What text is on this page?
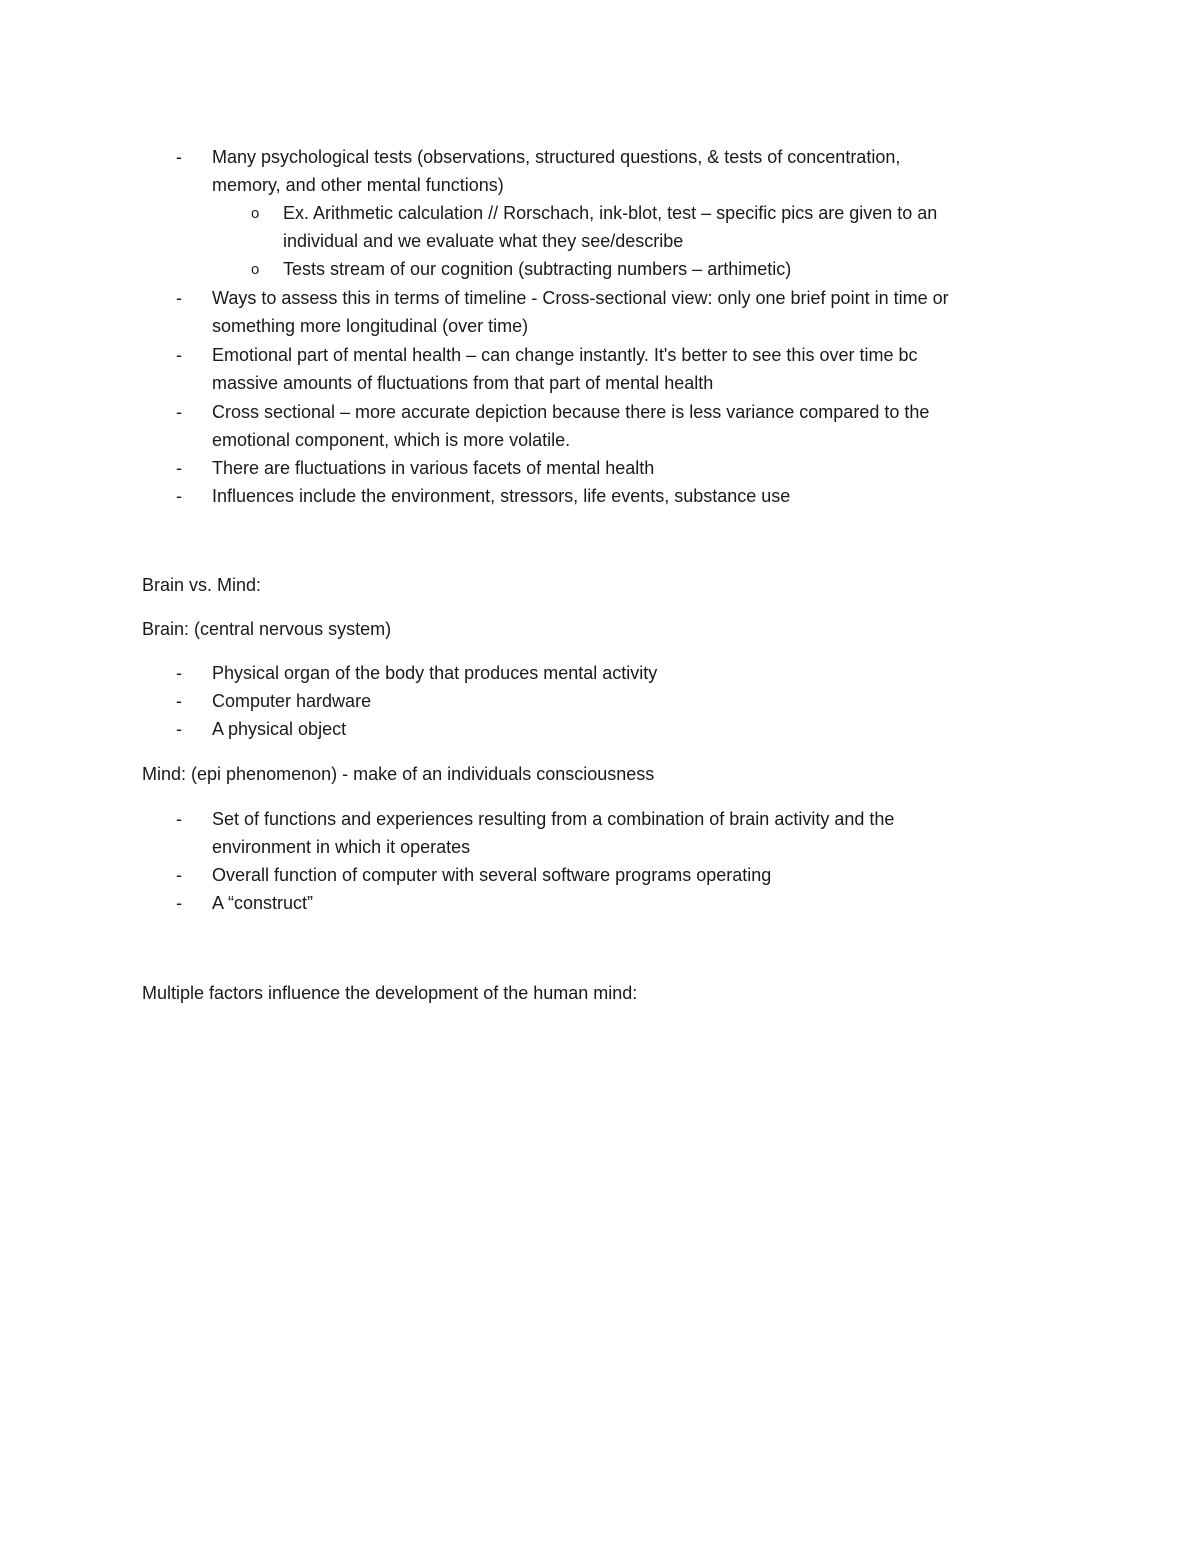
- Many psychological tests (observations, structured questions, & tests of concentration,
memory, and other mental functions)
o Ex. Arithmetic calculation // Rorschach, ink-blot, test – specific pics are given to an
individual and we evaluate what they see/describe
o Tests stream of our cognition (subtracting numbers – arthimetic)
- Ways to assess this in terms of timeline - Cross-sectional view: only one brief point in time or
something more longitudinal (over time)
- Emotional part of mental health – can change instantly. It's better to see this over time bc
massive amounts of fluctuations from that part of mental health
- Cross sectional – more accurate depiction because there is less variance compared to the
emotional component, which is more volatile.
- There are fluctuations in various facets of mental health
- Influences include the environment, stressors, life events, substance use
Brain vs. Mind:
Brain: (central nervous system)
- Physical organ of the body that produces mental activity
- Computer hardware
- A physical object
Mind: (epi phenomenon) - make of an individuals consciousness
- Set of functions and experiences resulting from a combination of brain activity and the
environment in which it operates
- Overall function of computer with several software programs operating
- A “construct”
Multiple factors influence the development of the human mind:
